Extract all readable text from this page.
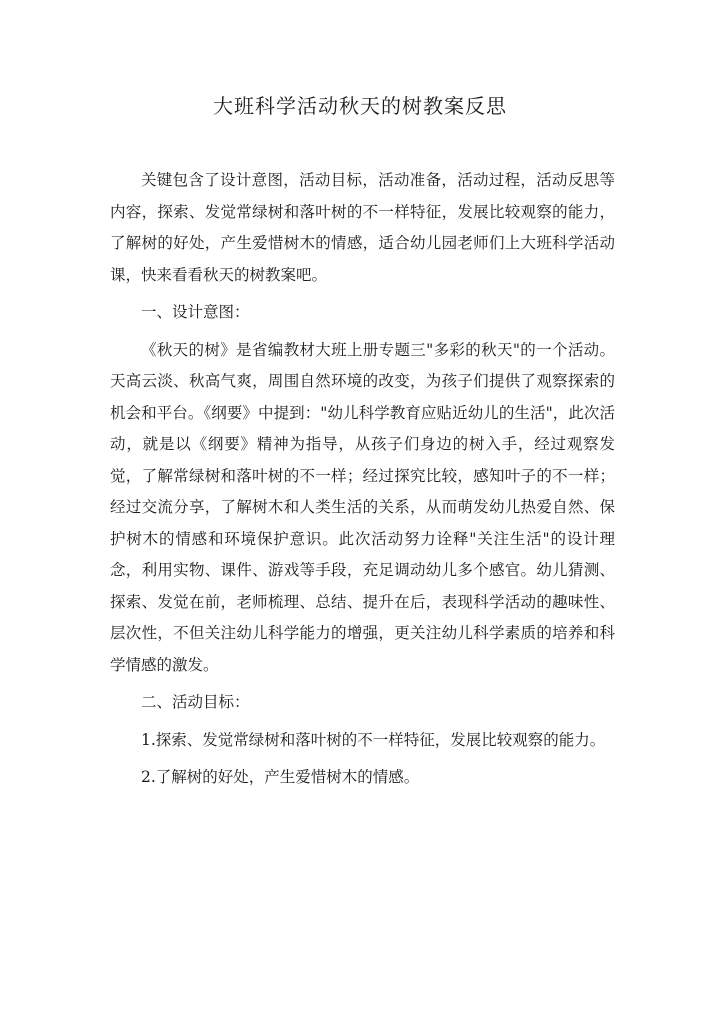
大班科学活动秋天的树教案反思

关键包含了设计意图，活动目标，活动准备，活动过程，活动反思等内容，探索、发觉常绿树和落叶树的不一样特征，发展比较观察的能力，了解树的好处，产生爱惜树木的情感，适合幼儿园老师们上大班科学活动课，快来看看秋天的树教案吧。

一、设计意图：

《秋天的树》是省编教材大班上册专题三"多彩的秋天"的一个活动。天高云淡、秋高气爽，周围自然环境的改变，为孩子们提供了观察探索的机会和平台。《纲要》中提到："幼儿科学教育应贴近幼儿的生活"，此次活动，就是以《纲要》精神为指导，从孩子们身边的树入手，经过观察发觉，了解常绿树和落叶树的不一样；经过探究比较，感知叶子的不一样；经过交流分享，了解树木和人类生活的关系，从而萌发幼儿热爱自然、保护树木的情感和环境保护意识。此次活动努力诠释"关注生活"的设计理念，利用实物、课件、游戏等手段，充足调动幼儿多个感官。幼儿猜测、探索、发觉在前，老师梳理、总结、提升在后，表现科学活动的趣味性、层次性，不但关注幼儿科学能力的增强，更关注幼儿科学素质的培养和科学情感的激发。

二、活动目标：

1.探索、发觉常绿树和落叶树的不一样特征，发展比较观察的能力。

2.了解树的好处，产生爱惜树木的情感。
